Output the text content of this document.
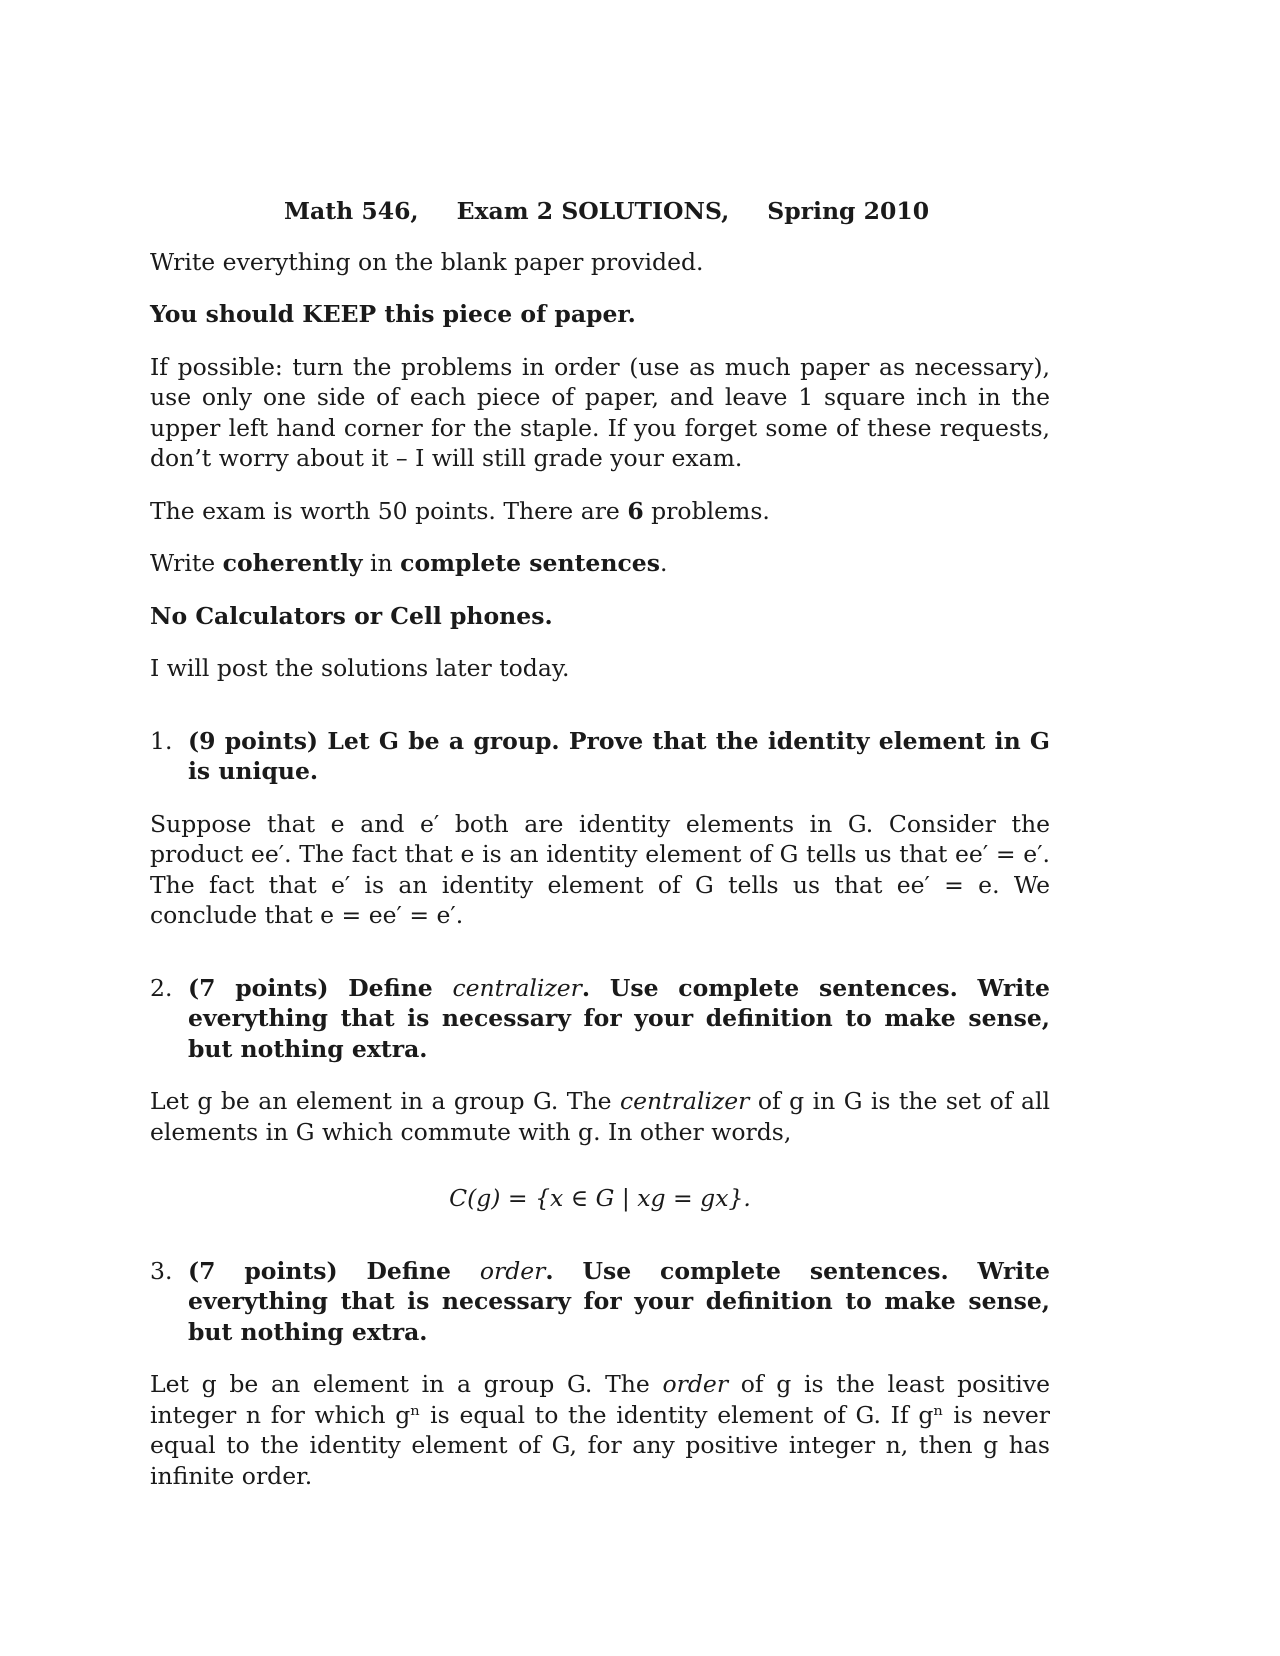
Math 546, Exam 2 SOLUTIONS, Spring 2010

Write everything on the blank paper provided.

You should KEEP this piece of paper.

If possible: turn the problems in order (use as much paper as necessary), use only one side of each piece of paper, and leave 1 square inch in the upper left hand corner for the staple. If you forget some of these requests, don’t worry about it – I will still grade your exam.

The exam is worth 50 points. There are 6 problems.

Write coherently in complete sentences.

No Calculators or Cell phones.

I will post the solutions later today.

1. (9 points) Let G be a group. Prove that the identity element in G is unique.

Suppose that e and e′ both are identity elements in G. Consider the product ee′. The fact that e is an identity element of G tells us that ee′ = e′. The fact that e′ is an identity element of G tells us that ee′ = e. We conclude that e = ee′ = e′.

2. (7 points) Define centralizer. Use complete sentences. Write everything that is necessary for your definition to make sense, but nothing extra.

Let g be an element in a group G. The centralizer of g in G is the set of all elements in G which commute with g. In other words,

C(g) = {x ∈ G | xg = gx}.
3. (7 points) Define order. Use complete sentences. Write everything that is necessary for your definition to make sense, but nothing extra.

Let g be an element in a group G. The order of g is the least positive integer n for which gⁿ is equal to the identity element of G. If gⁿ is never equal to the identity element of G, for any positive integer n, then g has infinite order.
